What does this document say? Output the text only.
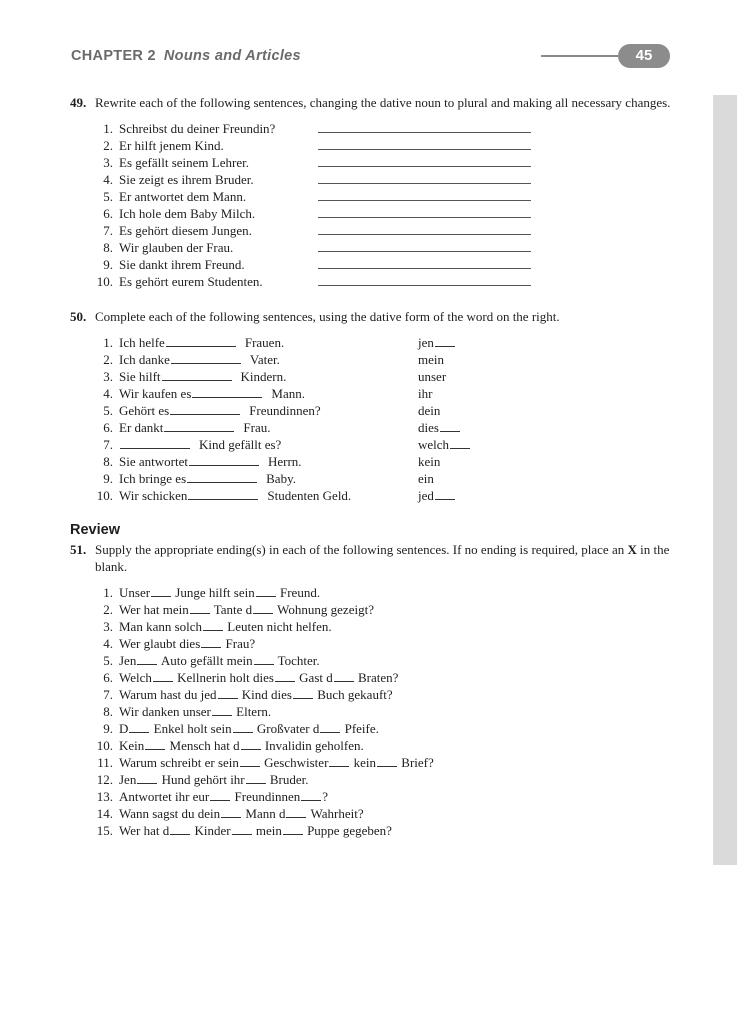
CHAPTER 2 Nouns and Articles	45
49. Rewrite each of the following sentences, changing the dative noun to plural and making all necessary changes.
1. Schreibst du deiner Freundin?
2. Er hilft jenem Kind.
3. Es gefällt seinem Lehrer.
4. Sie zeigt es ihrem Bruder.
5. Er antwortet dem Mann.
6. Ich hole dem Baby Milch.
7. Es gehört diesem Jungen.
8. Wir glauben der Frau.
9. Sie dankt ihrem Freund.
10. Es gehört eurem Studenten.
50. Complete each of the following sentences, using the dative form of the word on the right.
1. Ich helfe	Frauen.	jen
2. Ich danke	Vater.	mein
3. Sie hilft	Kindern.	unser
4. Wir kaufen es	Mann.	ihr
5. Gehört es	Freundinnen?	dein
6. Er dankt	Frau.	dies
7.	Kind gefällt es?	welch
8. Sie antwortet	Herrn.	kein
9. Ich bringe es	Baby.	ein
10. Wir schicken	Studenten Geld.	jed
Review
51. Supply the appropriate ending(s) in each of the following sentences. If no ending is required, place an X in the blank.
1. Unser Junge hilft sein Freund.
2. Wer hat mein Tante d Wohnung gezeigt?
3. Man kann solch Leuten nicht helfen.
4. Wer glaubt dies Frau?
5. Jen Auto gefällt mein Tochter.
6. Welch Kellnerin holt dies Gast d Braten?
7. Warum hast du jed Kind dies Buch gekauft?
8. Wir danken unser Eltern.
9. D Enkel holt sein Großvater d Pfeife.
10. Kein Mensch hat d Invalidin geholfen.
11. Warum schreibt er sein Geschwister kein Brief?
12. Jen Hund gehört ihr Bruder.
13. Antwortet ihr eur Freundinnen ?
14. Wann sagst du dein Mann d Wahrheit?
15. Wer hat d Kinder mein Puppe gegeben?
